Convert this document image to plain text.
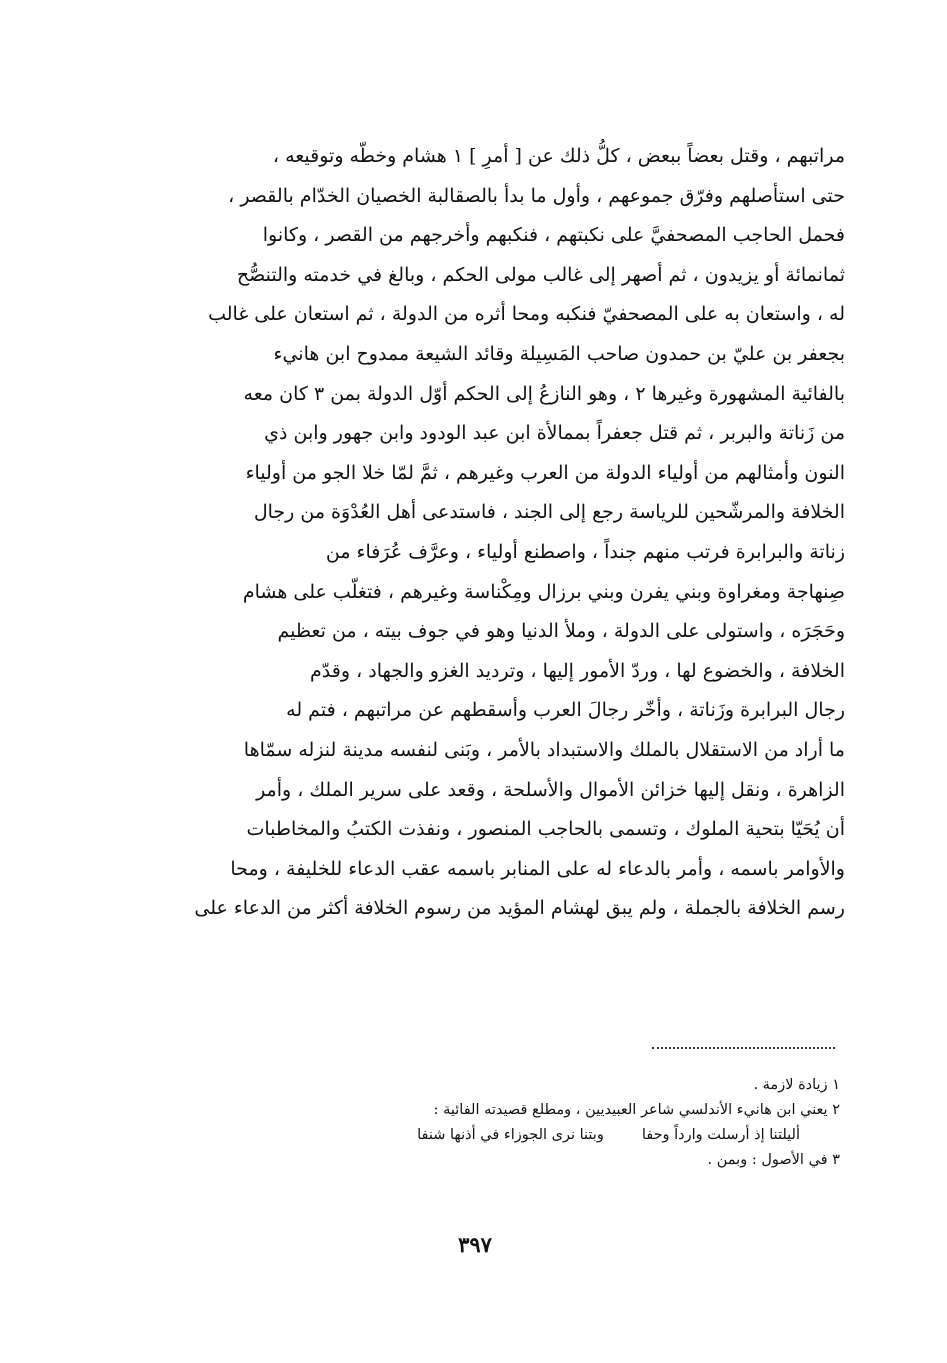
مراتبهم ، وقتل بعضاً ببعض ، كلُّ ذلك عن [ أمرِ ] ١ هشام وخطّه وتوقيعه ،
حتى استأصلهم وفرّق جموعهم ، وأول ما بدأ بالصقالبة الخصيان الخدّام بالقصر ،
فحمل الحاجب المصحفيَّ على نكبتهم ، فنكبهم وأخرجهم من القصر ، وكانوا
ثمانمائة أو يزيدون ، ثم أصهر إلى غالب مولى الحكم ، وبالغ في خدمته والتنصُّح
له ، واستعان به على المصحفيّ فنكبه ومحا أثره من الدولة ، ثم استعان على غالب
بجعفر بن عليّ بن حمدون صاحب المَسِيلة وقائد الشيعة ممدوح ابن هانيء
بالفائية المشهورة وغيرها ٢ ، وهو النازعُ إلى الحكم أوّل الدولة بمن ٣ كان معه
من زَناتة والبربر ، ثم قتل جعفراً بممالأة ابن عبد الودود وابن جهور وابن ذي
النون وأمثالهم من أولياء الدولة من العرب وغيرهم ، ثمَّ لمّا خلا الجو من أولياء
الخلافة والمرشّحين للرياسة رجع إلى الجند ، فاستدعى أهل العُدْوَة من رجال
زناتة والبرابرة فرتب منهم جنداً ، واصطنع أولياء ، وعرَّف عُرَفاء من
صِنهاجة ومغراوة وبني يفرن وبني برزال ومِكْناسة وغيرهم ، فتغلّب على هشام
وحَجَرَه ، واستولى على الدولة ، وملأ الدنيا وهو في جوف بيته ، من تعظيم
الخلافة ، والخضوع لها ، وردّ الأمور إليها ، وترديد الغزو والجهاد ، وقدّم
رجال البرابرة وزَناتة ، وأخّر رجالَ العرب وأسقطهم عن مراتبهم ، فتم له
ما أراد من الاستقلال بالملك والاستبداد بالأمر ، وبَنى لنفسه مدينة لنزله سمّاها
الزاهرة ، ونقل إليها خزائن الأموال والأسلحة ، وقعد على سرير الملك ، وأمر
أن يُحَيّا بتحية الملوك ، وتسمى بالحاجب المنصور ، ونفذت الكتبُ والمخاطبات
والأوامر باسمه ، وأمر بالدعاء له على المنابر باسمه عقب الدعاء للخليفة ، ومحا
رسم الخلافة بالجملة ، ولم يبق لهشام المؤيد من رسوم الخلافة أكثر من الدعاء على
١ زيادة لازمة .
٢ يعني ابن هانيء الأندلسي شاعر العبيديين ، ومطلع قصيدته الفائية :
أليلتنا إذ أرسلت وارداً وحفا
وبتنا نرى الجوزاء في أذنها شنفا
٣ في الأصول : وبمن .
٣٩٧
